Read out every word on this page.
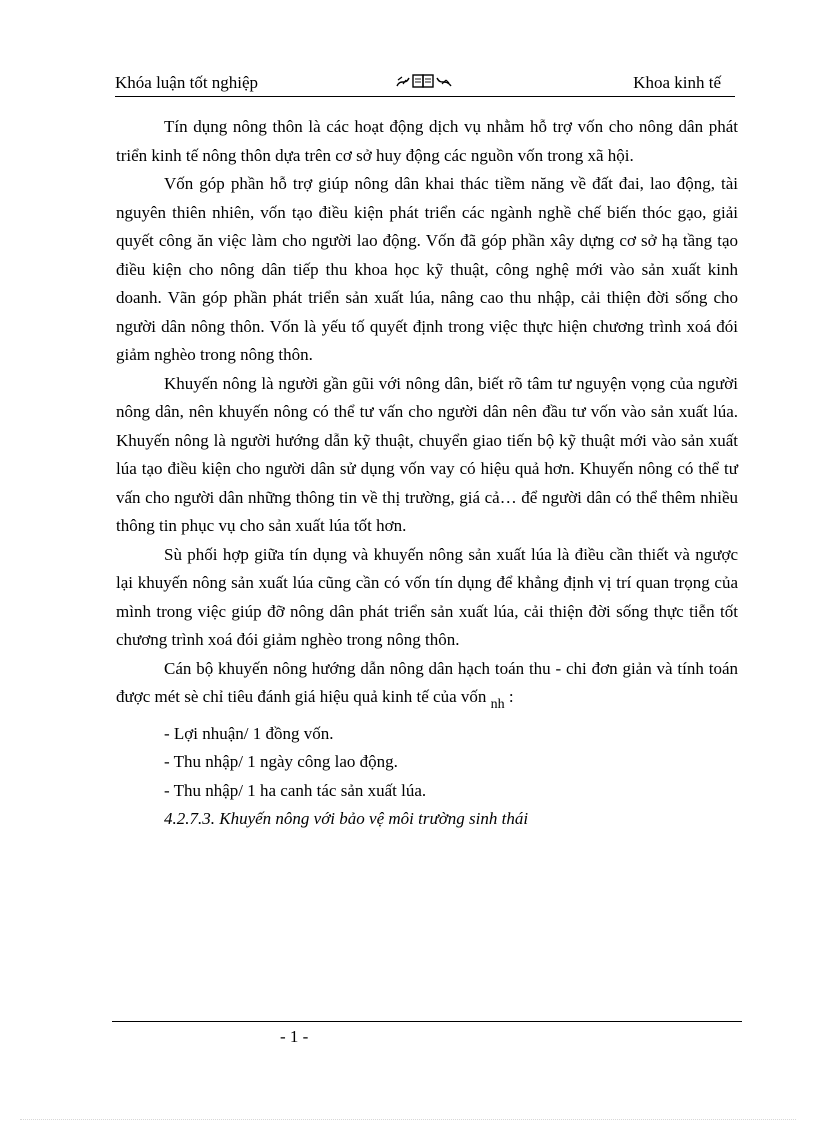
Khóa luận tốt nghiệp	Khoa kinh tế

Tín dụng nông thôn là các hoạt động dịch vụ nhằm hỗ trợ vốn cho nông dân phát triển kinh tế nông thôn dựa trên cơ sở huy động các nguồn vốn trong xã hội.

Vốn góp phần hỗ trợ giúp nông dân khai thác tiềm năng về đất đai, lao động, tài nguyên thiên nhiên, vốn tạo điều kiện phát triển các ngành nghề chế biến thóc gạo, giải quyết công ăn việc làm cho người lao động. Vốn đã góp phần xây dựng cơ sở hạ tầng tạo điều kiện cho nông dân tiếp thu khoa học kỹ thuật, công nghệ mới vào sản xuất kinh doanh. Vãn góp phần phát triển sản xuất lúa, nâng cao thu nhập, cải thiện đời sống cho người dân nông thôn. Vốn là yếu tố quyết định trong việc thực hiện chương trình xoá đói giảm nghèo trong nông thôn.

Khuyến nông là người gần gũi với nông dân, biết rõ tâm tư nguyện vọng của người nông dân, nên khuyến nông có thể tư vấn cho người dân nên đầu tư vốn vào sản xuất lúa. Khuyến nông là người hướng dẫn kỹ thuật, chuyển giao tiến bộ kỹ thuật mới vào sản xuất lúa tạo điều kiện cho người dân sử dụng vốn vay có hiệu quả hơn. Khuyến nông có thể tư vấn cho người dân những thông tin về thị trường, giá cả… để người dân có thể thêm nhiều thông tin phục vụ cho sản xuất lúa tốt hơn.

Sù phối hợp giữa tín dụng và khuyến nông sản xuất lúa là điều cần thiết và ngược lại khuyến nông sản xuất lúa cũng cần có vốn tín dụng để khẳng định vị trí quan trọng của mình trong việc giúp đỡ nông dân phát triển sản xuất lúa, cải thiện đời sống thực tiễn tốt chương trình xoá đói giảm nghèo trong nông thôn.

Cán bộ khuyến nông hướng dẫn nông dân hạch toán thu - chi đơn giản và tính toán được mét sè chỉ tiêu đánh giá hiệu quả kinh tế của vốn $_{nh}$ :

- Lợi nhuận/ 1 đồng vốn.

- Thu nhập/ 1 ngày công lao động.

- Thu nhập/ 1 ha canh tác sản xuất lúa.

4.2.7.3. Khuyến nông với bảo vệ môi trường sinh thái

- 1 -
